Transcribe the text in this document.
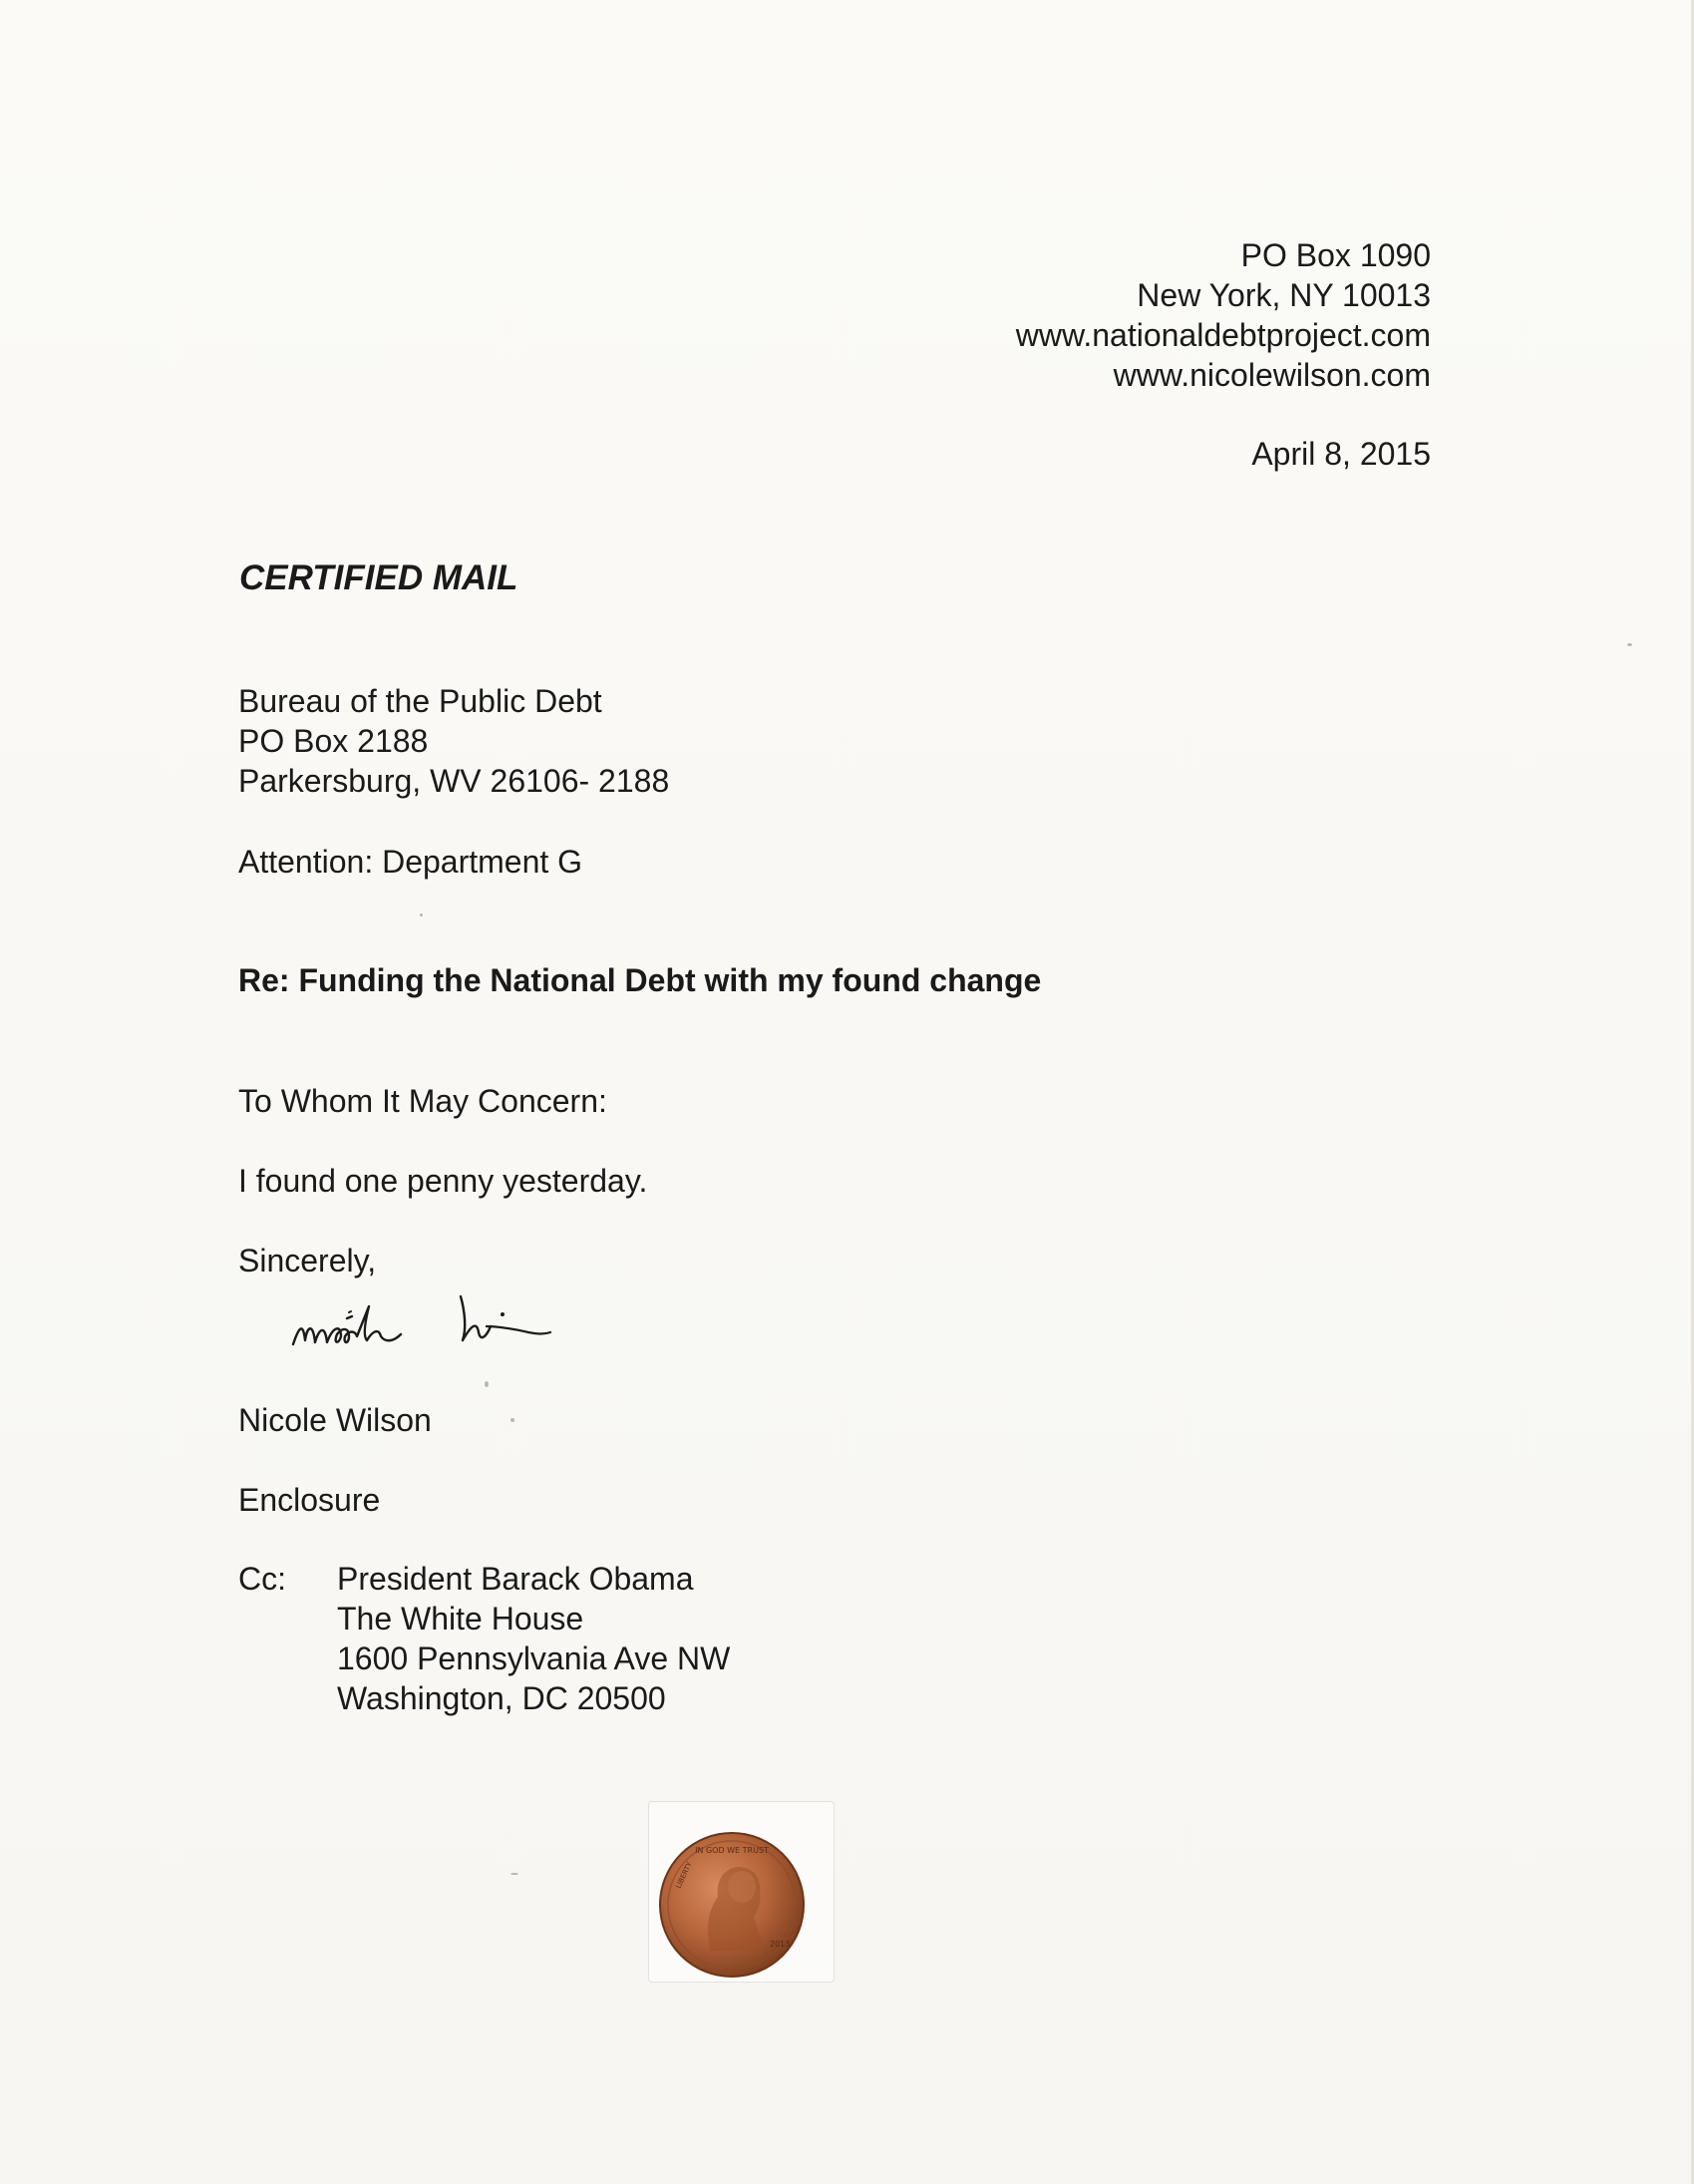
PO Box 1090
New York, NY 10013
www.nationaldebtproject.com
www.nicolewilson.com
April 8, 2015
CERTIFIED MAIL
Bureau of the Public Debt
PO Box 2188
Parkersburg, WV 26106- 2188
Attention: Department G
Re: Funding the National Debt with my found change
To Whom It May Concern:
I found one penny yesterday.
Sincerely,
Nicole Wilson
Enclosure
Cc: President Barack Obama
The White House
1600 Pennsylvania Ave NW
Washington, DC 20500
IN GOD WE TRUST
LIBERTY
2013
